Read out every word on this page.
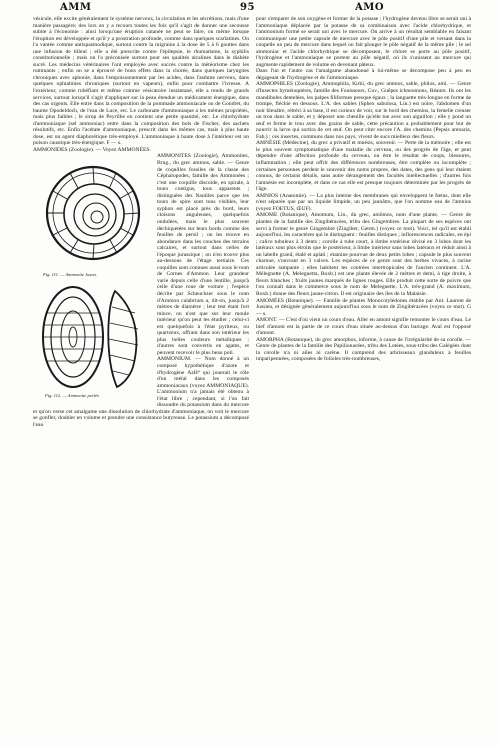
AMM	95	AMO

vésicule, elle excite généralement le système nerveux, la circulation et les sécrétions, mais d'une manière passagère; des lors on y a recours toutes les fois qu'il s'agit de donner une secousse subite à l'économie : ainsi lorsqu'une éruption cutanée ne peut se faire, ou même lorsque l'éruption est développée et qu'il y a prostration profonde, comme dans quelques scarlatines. On l'a vantée comme antispasmodique, surtout contre la migraine à la dose de 5 à 6 gouttes dans une infusion de tilleul ; elle a été prescrite contre l'épilepsie, le rhumatisme, la syphilis constitutionnelle ; mais on l'a préconisée surtout pour ses qualités alcalines dans le diabète sucré. Les médecins vétérinaires l'ont employée avec succès contre la météorisme chez les ruminants ; enfin on se a éprouvé de bons effets dans la chorée, dans quelques laryngites chroniques avec aphonie, dans l'empoisonnement par les acides, dans l'asthme nerveux, dans quelques ophtalmies chroniques (surtout en vapeurs), enfin pour combattre l'ivresse. A l'extérieur, comme rubéfiant et même comme vésicatoire instantané, elle a rendu de grands services, surtout lorsqu'il s'agit d'appliquer sur la peau étendue un médicament énergique, dans des cas urgents. Elle entre dans la composition de la pommade ammoniacale ou de Gondret, du baume Opodeldoch, de l'eau de Luce, etc. Le carbonate d'ammoniaque a les mêmes propriétés, mais plus faibles ; le sirop de Peyrilhe en contient une petite quantité, etc. Le chlorhydrate d'ammoniaque (sel ammoniac) entre dans la composition des bols de Fischer, des sachets résolutifs, etc. Enfin l'acétate d'ammoniaque, prescrit dans les mêmes cas, mais à plus haute dose, est un agent diaphorétique très-employé. L'ammoniaque à haute dose à l'intérieur est un poison caustique très-énergique. F — s.

AMMONIDES (Zoologie). — Voyez AMMONÉES.

Fig. 111. — Ammonite Jason.
Fig. 112. — Ammonite perlée.
AMMONITES (Zoologie), Ammonites, Brug., du grec ammos, sable. — Genre de coquilles fossiles de la classe des Céphalopodes, famille des Ammonées ; c'est une coquille discoïde, en spirale, à tours contigus, tous apparents ; distinguées des Nautiles parce que les tours de spire sont tous visibles, leur syphon est placé près du bord, leurs cloisons anguleuses, quelquefois ondulées, mais le plus souvent déchiquetées sur leurs bords comme des feuilles de persil ; on les trouve en abondance dans les couches des terrains calcaires, et surtout dans celles de l'époque jurassique ; on n'en trouve plus au-dessous de l'étage tertiaire. Ces coquilles sont connues aussi sous le nom de Cornes d'Ammon. Leur grandeur varie depuis celle d'une lentille, jusqu'à celle d'une roue de voiture ; l'espèce décrite par Scheuchzer sous le nom d'Ammon calabrium a, dit-on, jusqu'à 2 mètres de diamètre ; leur test étant fort mince, on n'est que sur leur moule intérieur qu'on peut les étudier ; celui-ci est quelquefois à l'état pyriteux, ou quartzeux, offrant dans son intérieur les plus belles couleurs métalliques ; d'autres sont convertis en agates, et peuvent recevoir le plus beau poli.

AMMONIUM. — Nom donné à un composé hypothétique d'azote et d'hydrogène AzH⁴ qui jouerait le rôle d'un métal dans les composés ammoniacaux (voyez AMMONIAQUE). L'ammonium n'a jamais été obtenu à l'état libre ; cependant, si l'on fait dissoudre du potassium dans du mercure et qu'on verse cet amalgame une dissolution de chlorhydrate d'ammoniaque, on voit le mercure se gonfler, doubler en volume et prendre une consistance butyreuse. Le potassium a décomposé l'eau

pour s'emparer de son oxygène et former de la potasse ; l'hydrogène devenu libre se serait uni à l'ammoniaque déplacée par la potasse de sa combinaison avec l'acide chlorhydrique, et l'ammonium formé se serait uni avec le mercure. On arrive à un résultat semblable en faisant communiquer une petite capsule de mercure avec le pôle positif d'une pile et versant dans la coupelle un peu de mercure dans lequel on fait plonger le pôle négatif de la même pile ; le sel ammoniac et l'acide chlorhydrique se décomposent, le chlore se porte au pôle positif, l'hydrogène et l'ammoniaque se portent au pôle négatif, où ils s'unissent au mercure qui augmente rapidement de volume en devenant pâteux.

Dans l'un et l'autre cas l'amalgame abandonné à lui-même se décompose peu à peu en dégageant de l'hydrogène et de l'ammoniaque.

AMMOPHILES (Zoologie), Ammophila, Kirbi, du grec ammos, sable, philos, ami. — Genre d'Insectes hyménoptères, famille des Fouisseurs, Cuv., Guêpes ichneumons, Réaum. Ils ont les mandibules dentelées, les palpes filiformes presque égaux ; la languette très-longue en forme de trompe, fléchie en dessous. L'A. des sables (Sphex sabulosa, Lin.) est noire, l'abdomen d'un noir bleuâtre, rétréci à sa base, il est curieux de voir, sur le bord des chemins, la femelle creuser un trou dans le sable, et y déposer une chenille qu'elle tue avec son aiguillon ; elle y pond un œuf et ferme le trou avec des grains de sable, cette précaution a probablement pour but de nourrir la larve qui sortira de cet œuf. On peut citer encore l'A. des chemins (Pepsis arenaria, Fab.) ; ces insectes, communs dans nos pays, vivent de sucs mielleux des fleurs.

AMNÉSIE (Médecine), du grec a privatif et mnésis, souvenir. — Perte de la mémoire ; elle est le plus souvent symptomatique d'une maladie du cerveau, ou des progrès de l'âge, et peut dépendre d'une affection profonde du cerveau, ou être le résultat de coups, blessures, inflammation ; elle peut offrir des différences nombreuses, être complète ou incomplète ; certaines personnes perdent le souvenir des noms propres, des dates, des gens qui leur étaient connus, de certains détails, sans autre dérangement des facultés intellectuelles ; d'autres fois l'amnésie est incomplète, et dans ce cas elle est presque toujours déterminée par les progrès de l'âge.

AMNIOS (Anatomie). — La plus interne des membranes qui enveloppent le fœtus, dont elle n'est séparée que par un liquide limpide, un peu jaunâtre, que l'on nomme eau de l'amnios (voyez FOETUS, ŒUF).

AMOME (Botanique), Amomum, Lin., du grec, amômos, nom d'une plante. — Genre de plantes de la famille des Zingibéracées, tribu des Gingembres. La plupart de ses espèces ont servi à former le genre Gingembre (Zingiber, Gærtn.) (voyez ce mot). Voici, tel qu'il est établi aujourd'hui, les caractères qui le distinguent : feuilles distiques ; inflorescences radicales, en épi ; calice tubuleux à 3 dents ; corolle à tube court, à limbe extérieur divisé en 3 lobes dont les latéraux sont plus étroits que le postérieur, à limbe intérieur sans lobes latéraux et réduit ainsi à un labelle grand, étalé et aplati ; étamine pourvue de deux petits lobes ; capsule le plus souvent charnue, s'ouvrant en 3 valves. Les espèces de ce genre sont des herbes vivaces, à racine articulée rampante ; elles habitent les contrées intertropicales de l'ancien continent. L'A. Mélegnette (A. Meleguetta, Roxb.) est une plante élevée de 2 mètres et demi, à tige droite, à fleurs blanches ; fruits jaunes marqués de lignes rouges. Elle produit cette sorte de poivre que l'on connaît dans le commerce sous le nom de Meleguette. L'A. très-grand (A. maximum, Roxb.) donne des fleurs jaune-citron. Il est originaire des îles de la Malaisie.

AMOMÉES (Botanique). — Famille de plantes Monocotylédones établie par Ant. Laurent de Jussieu, et désignée généralement aujourd'hui sous le nom de Zingibéracées (voyez ce mot). G — s.

AMONT. — C'est d'où vient un cours d'eau. Aller en amont signifie remonter le cours d'eau. Le bief d'amont est la partie de ce cours d'eau située au-dessus d'un barrage. Aval est l'opposé d'amont.

AMORPHA (Botanique), du grec amorphos, informe, à cause de l'irrégularité de sa corolle. — Genre de plantes de la famille des Papilionacées, tribu des Lotées, sous-tribu des Galégées dont la corolle n'a ni ailes ni carène. Il comprend des arbrisseaux glanduleux à feuilles imparipennées, composées de folioles très-nombreuses,
